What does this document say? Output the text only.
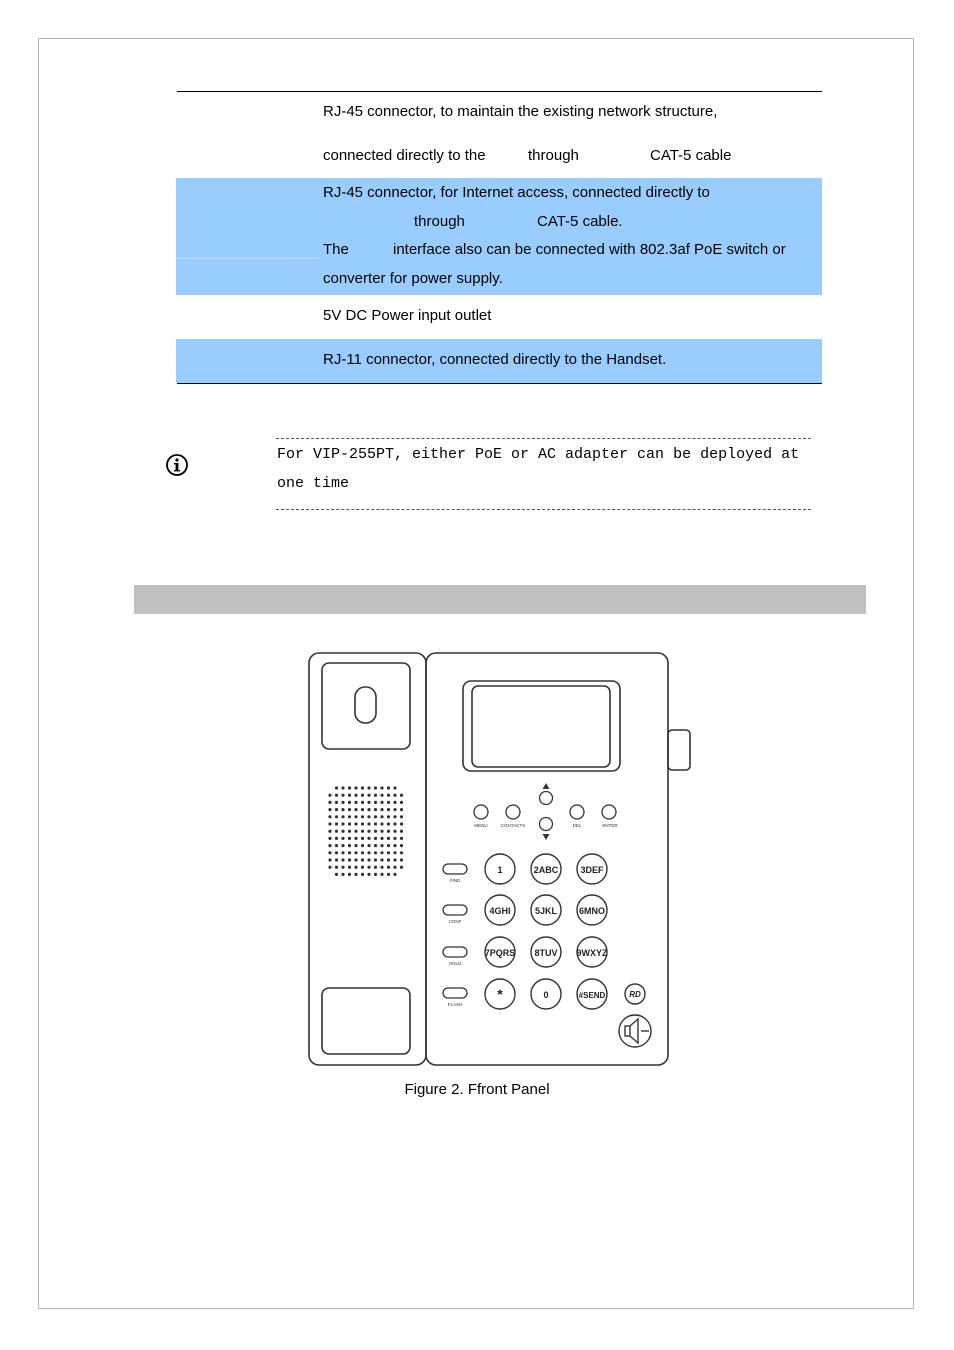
RJ-45 connector, to maintain the existing network structure,
connected directly to the	through	CAT-5 cable
RJ-45 connector, for Internet access, connected directly to
through	CAT-5 cable.
The	interface also can be connected with 802.3af PoE switch or
converter for power supply.
5V DC Power input outlet
RJ-11 connector, connected directly to the Handset.
For VIP-255PT, either PoE or AC adapter can be deployed at
one time
MENU	CONTACTS	DEL	ENTER
FIND
CONF
HOLD
FLASH
1	2ABC 3DEF
4GHI	5JKL 6MNO
7PQRS 8TUV 9WXYZ
*	0	#SEND	RD
Figure 2. Ffront Panel
